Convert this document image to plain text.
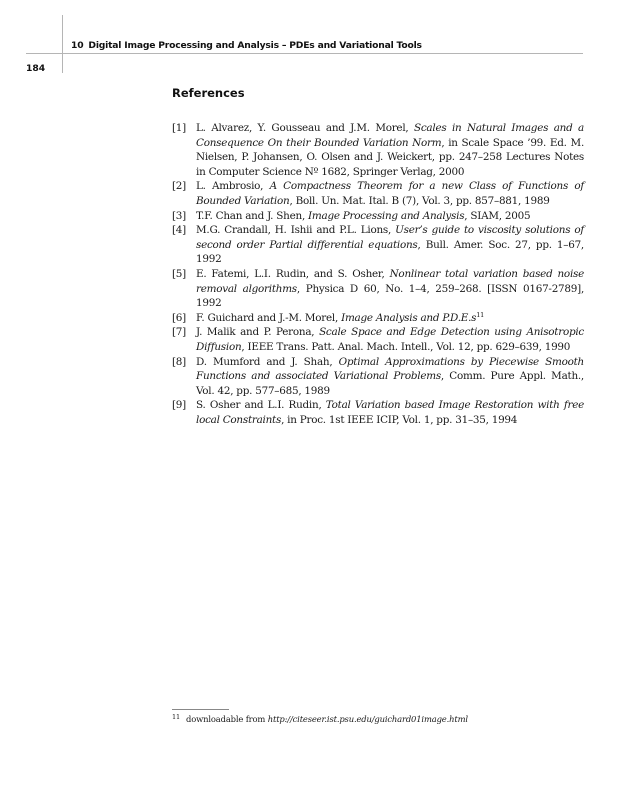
10 Digital Image Processing and Analysis – PDEs and Variational Tools
184
References
[1] L. Alvarez, Y. Gousseau and J.M. Morel, Scales in Natural Images and a Consequence On their Bounded Variation Norm, in Scale Space ’99. Ed. M. Nielsen, P. Johansen, O. Olsen and J. Weickert, pp. 247–258 Lectures Notes in Computer Science Nº 1682, Springer Verlag, 2000
[2] L. Ambrosio, A Compactness Theorem for a new Class of Functions of Bounded Variation, Boll. Un. Mat. Ital. B (7), Vol. 3, pp. 857–881, 1989
[3] T.F. Chan and J. Shen, Image Processing and Analysis, SIAM, 2005
[4] M.G. Crandall, H. Ishii and P.L. Lions, User’s guide to viscosity solutions of second order Partial differential equations, Bull. Amer. Soc. 27, pp. 1–67, 1992
[5] E. Fatemi, L.I. Rudin, and S. Osher, Nonlinear total variation based noise removal algorithms, Physica D 60, No. 1–4, 259–268. [ISSN 0167-2789], 1992
[6] F. Guichard and J.-M. Morel, Image Analysis and P.D.E.s$^{11}$
[7] J. Malik and P. Perona, Scale Space and Edge Detection using Anisotropic Diffusion, IEEE Trans. Patt. Anal. Mach. Intell., Vol. 12, pp. 629–639, 1990
[8] D. Mumford and J. Shah, Optimal Approximations by Piecewise Smooth Functions and associated Variational Problems, Comm. Pure Appl. Math., Vol. 42, pp. 577–685, 1989
[9] S. Osher and L.I. Rudin, Total Variation based Image Restoration with free local Constraints, in Proc. 1st IEEE ICIP, Vol. 1, pp. 31–35, 1994
$^{11}$ downloadable from http://citeseer.ist.psu.edu/guichard01image.html
